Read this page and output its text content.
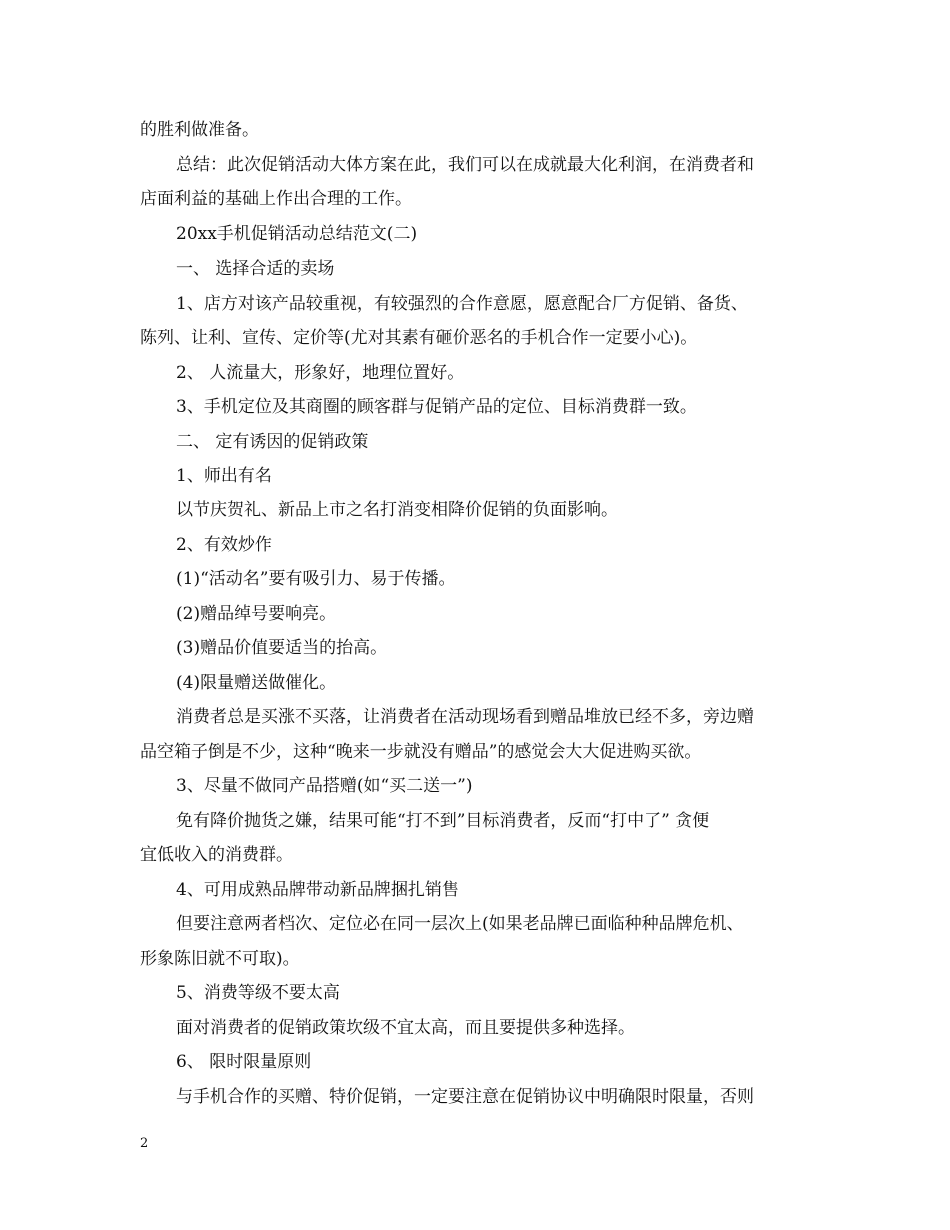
的胜利做准备。
总结：此次促销活动大体方案在此，我们可以在成就最大化利润，在消费者和
店面利益的基础上作出合理的工作。
20xx手机促销活动总结范文(二)
一、 选择合适的卖场
1、店方对该产品较重视，有较强烈的合作意愿，愿意配合厂方促销、备货、
陈列、让利、宣传、定价等(尤对其素有砸价恶名的手机合作一定要小心)。
2、 人流量大，形象好，地理位置好。
3、手机定位及其商圈的顾客群与促销产品的定位、目标消费群一致。
二、 定有诱因的促销政策
1、师出有名
以节庆贺礼、新品上市之名打消变相降价促销的负面影响。
2、有效炒作
(1)“活动名”要有吸引力、易于传播。
(2)赠品绰号要响亮。
(3)赠品价值要适当的抬高。
(4)限量赠送做催化。
消费者总是买涨不买落，让消费者在活动现场看到赠品堆放已经不多，旁边赠
品空箱子倒是不少，这种“晚来一步就没有赠品”的感觉会大大促进购买欲。
3、尽量不做同产品搭赠(如“买二送一”)
免有降价抛货之嫌，结果可能“打不到”目标消费者，反而“打中了” 贪便
宜低收入的消费群。
4、可用成熟品牌带动新品牌捆扎销售
但要注意两者档次、定位必在同一层次上(如果老品牌已面临种种品牌危机、
形象陈旧就不可取)。
5、消费等级不要太高
面对消费者的促销政策坎级不宜太高，而且要提供多种选择。
6、 限时限量原则
与手机合作的买赠、特价促销，一定要注意在促销协议中明确限时限量，否则
2
